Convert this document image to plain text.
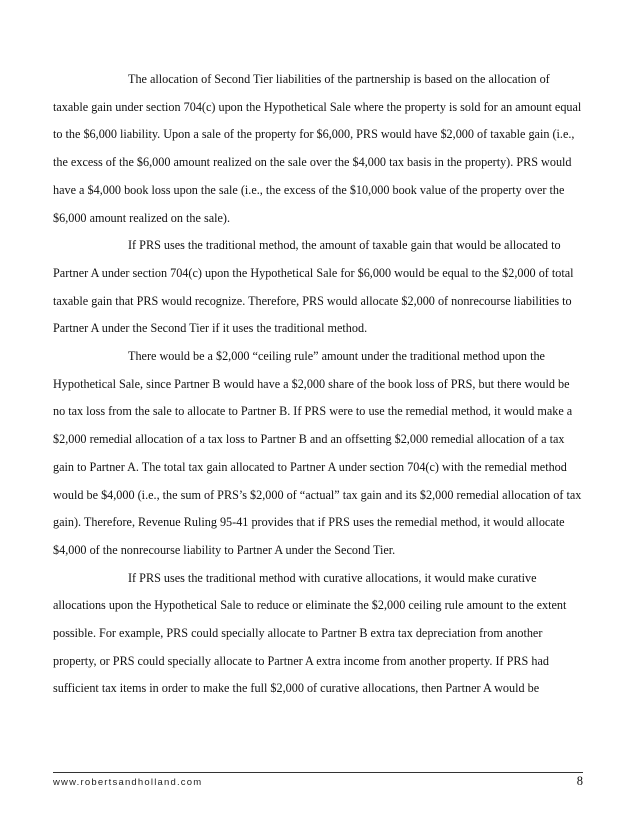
The allocation of Second Tier liabilities of the partnership is based on the allocation of taxable gain under section 704(c) upon the Hypothetical Sale where the property is sold for an amount equal to the $6,000 liability. Upon a sale of the property for $6,000, PRS would have $2,000 of taxable gain (i.e., the excess of the $6,000 amount realized on the sale over the $4,000 tax basis in the property). PRS would have a $4,000 book loss upon the sale (i.e., the excess of the $10,000 book value of the property over the $6,000 amount realized on the sale).

If PRS uses the traditional method, the amount of taxable gain that would be allocated to Partner A under section 704(c) upon the Hypothetical Sale for $6,000 would be equal to the $2,000 of total taxable gain that PRS would recognize. Therefore, PRS would allocate $2,000 of nonrecourse liabilities to Partner A under the Second Tier if it uses the traditional method.

There would be a $2,000 “ceiling rule” amount under the traditional method upon the Hypothetical Sale, since Partner B would have a $2,000 share of the book loss of PRS, but there would be no tax loss from the sale to allocate to Partner B. If PRS were to use the remedial method, it would make a $2,000 remedial allocation of a tax loss to Partner B and an offsetting $2,000 remedial allocation of a tax gain to Partner A. The total tax gain allocated to Partner A under section 704(c) with the remedial method would be $4,000 (i.e., the sum of PRS’s $2,000 of “actual” tax gain and its $2,000 remedial allocation of tax gain). Therefore, Revenue Ruling 95-41 provides that if PRS uses the remedial method, it would allocate $4,000 of the nonrecourse liability to Partner A under the Second Tier.

If PRS uses the traditional method with curative allocations, it would make curative allocations upon the Hypothetical Sale to reduce or eliminate the $2,000 ceiling rule amount to the extent possible. For example, PRS could specially allocate to Partner B extra tax depreciation from another property, or PRS could specially allocate to Partner A extra income from another property. If PRS had sufficient tax items in order to make the full $2,000 of curative allocations, then Partner A would be

www.robertsandholland.com	8
